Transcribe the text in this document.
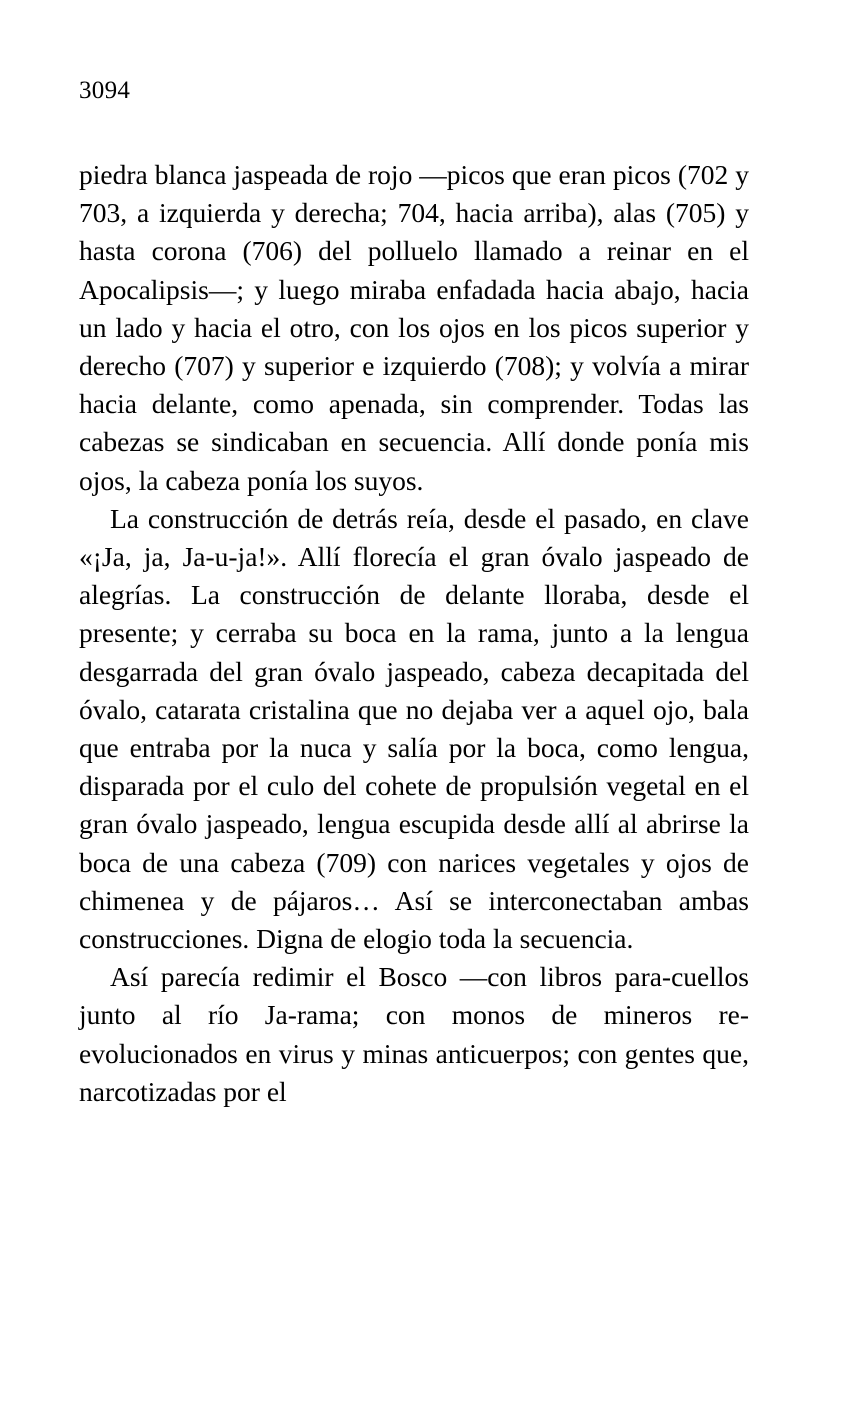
3094

piedra blanca jaspeada de rojo —picos que eran picos (702 y 703, a izquierda y derecha; 704, hacia arriba), alas (705) y hasta corona (706) del polluelo llamado a reinar en el Apocalipsis—; y luego miraba enfadada hacia abajo, hacia un lado y hacia el otro, con los ojos en los picos superior y derecho (707) y superior e izquierdo (708); y volvía a mirar hacia delante, como apenada, sin comprender. Todas las cabezas se sindicaban en secuencia. Allí donde ponía mis ojos, la cabeza ponía los suyos.

La construcción de detrás reía, desde el pasado, en clave «¡Ja, ja, Ja-u-ja!». Allí florecía el gran óvalo jaspeado de alegrías. La construcción de delante lloraba, desde el presente; y cerraba su boca en la rama, junto a la lengua desgarrada del gran óvalo jaspeado, cabeza decapitada del óvalo, catarata cristalina que no dejaba ver a aquel ojo, bala que entraba por la nuca y salía por la boca, como lengua, disparada por el culo del cohete de propulsión vegetal en el gran óvalo jaspeado, lengua escupida desde allí al abrirse la boca de una cabeza (709) con narices vegetales y ojos de chimenea y de pájaros… Así se interconectaban ambas construcciones. Digna de elogio toda la secuencia.

Así parecía redimir el Bosco —con libros para-cuellos junto al río Ja-rama; con monos de mineros re-evolucionados en virus y minas anticuerpos; con gentes que, narcotizadas por el
